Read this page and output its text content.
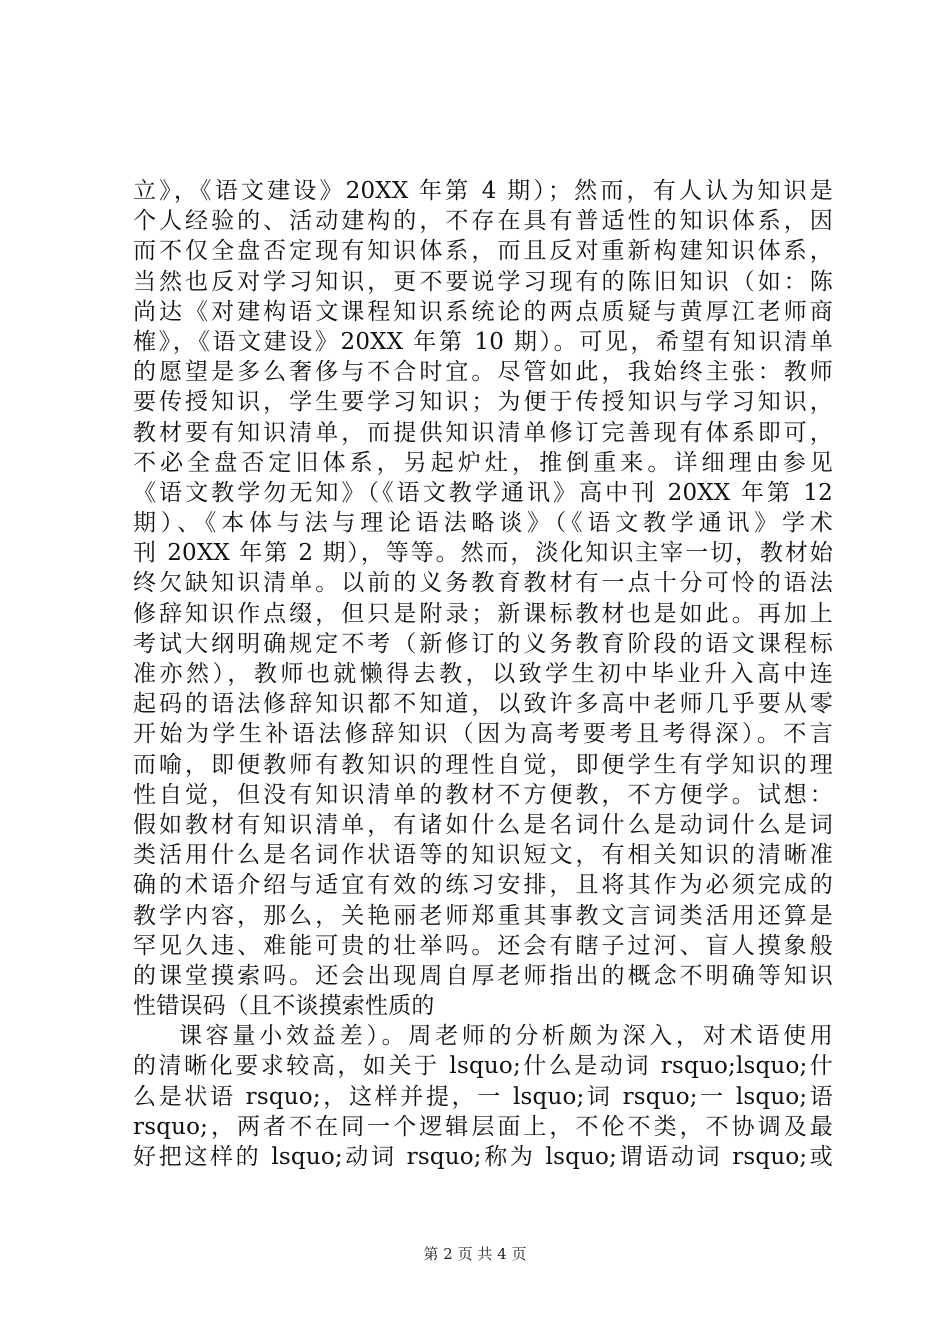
立》，《语文建设》20XX 年第 4 期）；然而，有人认为知识是
个人经验的、活动建构的，不存在具有普适性的知识体系，因
而不仅全盘否定现有知识体系，而且反对重新构建知识体系，
当然也反对学习知识，更不要说学习现有的陈旧知识（如：陈
尚达《对建构语文课程知识系统论的两点质疑与黄厚江老师商
榷》，《语文建设》20XX 年第 10 期）。可见，希望有知识清单
的愿望是多么奢侈与不合时宜。尽管如此，我始终主张：教师
要传授知识，学生要学习知识；为便于传授知识与学习知识，
教材要有知识清单，而提供知识清单修订完善现有体系即可，
不必全盘否定旧体系，另起炉灶，推倒重来。详细理由参见
《语文教学勿无知》（《语文教学通讯》高中刊 20XX 年第 12
期）、《本体与法与理论语法略谈》（《语文教学通讯》学术
刊 20XX 年第 2 期），等等。然而，淡化知识主宰一切，教材始
终欠缺知识清单。以前的义务教育教材有一点十分可怜的语法
修辞知识作点缀，但只是附录；新课标教材也是如此。再加上
考试大纲明确规定不考（新修订的义务教育阶段的语文课程标
准亦然），教师也就懒得去教，以致学生初中毕业升入高中连
起码的语法修辞知识都不知道，以致许多高中老师几乎要从零
开始为学生补语法修辞知识（因为高考要考且考得深）。不言
而喻，即便教师有教知识的理性自觉，即便学生有学知识的理
性自觉，但没有知识清单的教材不方便教，不方便学。试想：
假如教材有知识清单，有诸如什么是名词什么是动词什么是词
类活用什么是名词作状语等的知识短文，有相关知识的清晰准
确的术语介绍与适宜有效的练习安排，且将其作为必须完成的
教学内容，那么，关艳丽老师郑重其事教文言词类活用还算是
罕见久违、难能可贵的壮举吗。还会有瞎子过河、盲人摸象般
的课堂摸索吗。还会出现周自厚老师指出的概念不明确等知识
性错误码（且不谈摸索性质的
课容量小效益差）。周老师的分析颇为深入，对术语使用
的清晰化要求较高，如关于 lsquo;什么是动词 rsquo;lsquo;什
么是状语 rsquo;，这样并提，一 lsquo;词 rsquo;一 lsquo;语
rsquo;，两者不在同一个逻辑层面上，不伦不类，不协调及最
好把这样的 lsquo;动词 rsquo;称为 lsquo;谓语动词 rsquo;或
第 2 页 共 4 页
